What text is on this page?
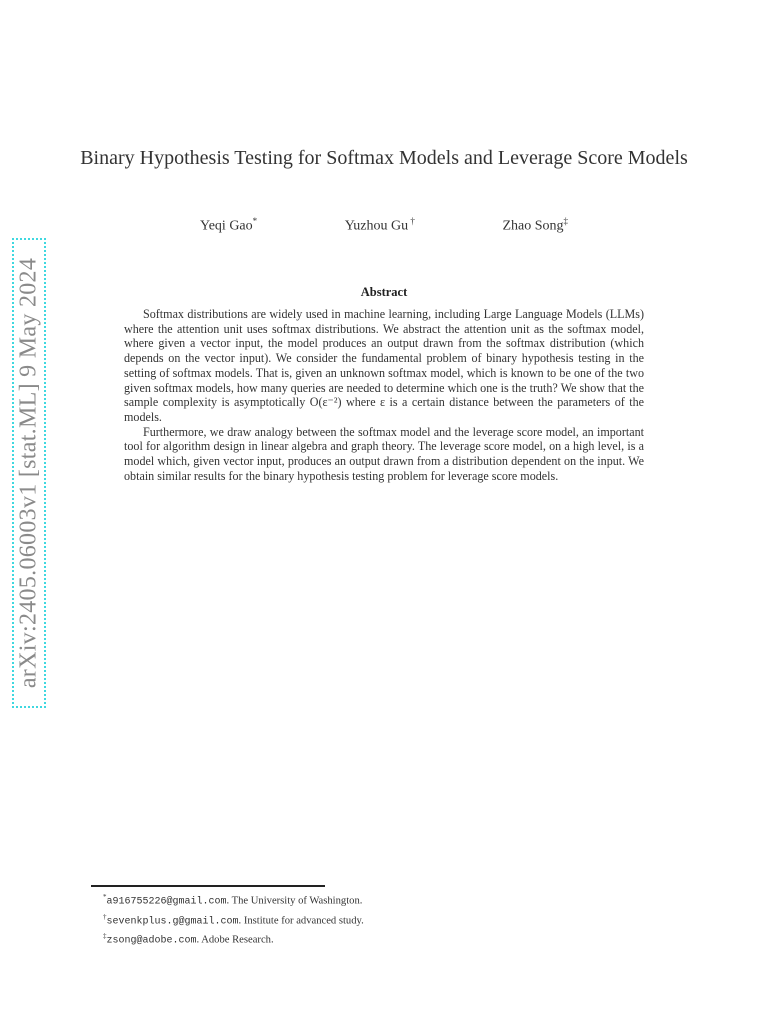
arXiv:2405.06003v1 [stat.ML] 9 May 2024
Binary Hypothesis Testing for Softmax Models and Leverage Score Models
Yeqi Gao*	Yuzhou Gu †	Zhao Song‡
Abstract

Softmax distributions are widely used in machine learning, including Large Language Models (LLMs) where the attention unit uses softmax distributions. We abstract the attention unit as the softmax model, where given a vector input, the model produces an output drawn from the softmax distribution (which depends on the vector input). We consider the fundamental problem of binary hypothesis testing in the setting of softmax models. That is, given an unknown softmax model, which is known to be one of the two given softmax models, how many queries are needed to determine which one is the truth? We show that the sample complexity is asymptotically O(ε⁻²) where ε is a certain distance between the parameters of the models.

Furthermore, we draw analogy between the softmax model and the leverage score model, an important tool for algorithm design in linear algebra and graph theory. The leverage score model, on a high level, is a model which, given vector input, produces an output drawn from a distribution dependent on the input. We obtain similar results for the binary hypothesis testing problem for leverage score models.

*a916755226@gmail.com. The University of Washington.
†sevenkplus.g@gmail.com. Institute for advanced study.
‡zsong@adobe.com. Adobe Research.
